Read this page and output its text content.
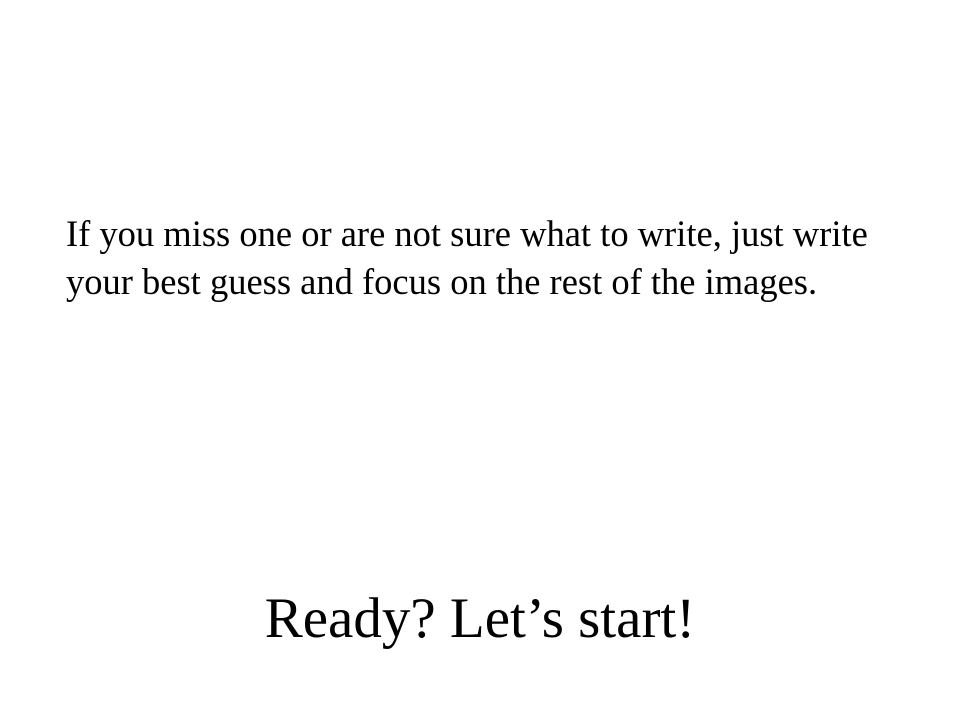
If you miss one or are not sure what to write, just write your best guess and focus on the rest of the images.

Ready? Let’s start!
